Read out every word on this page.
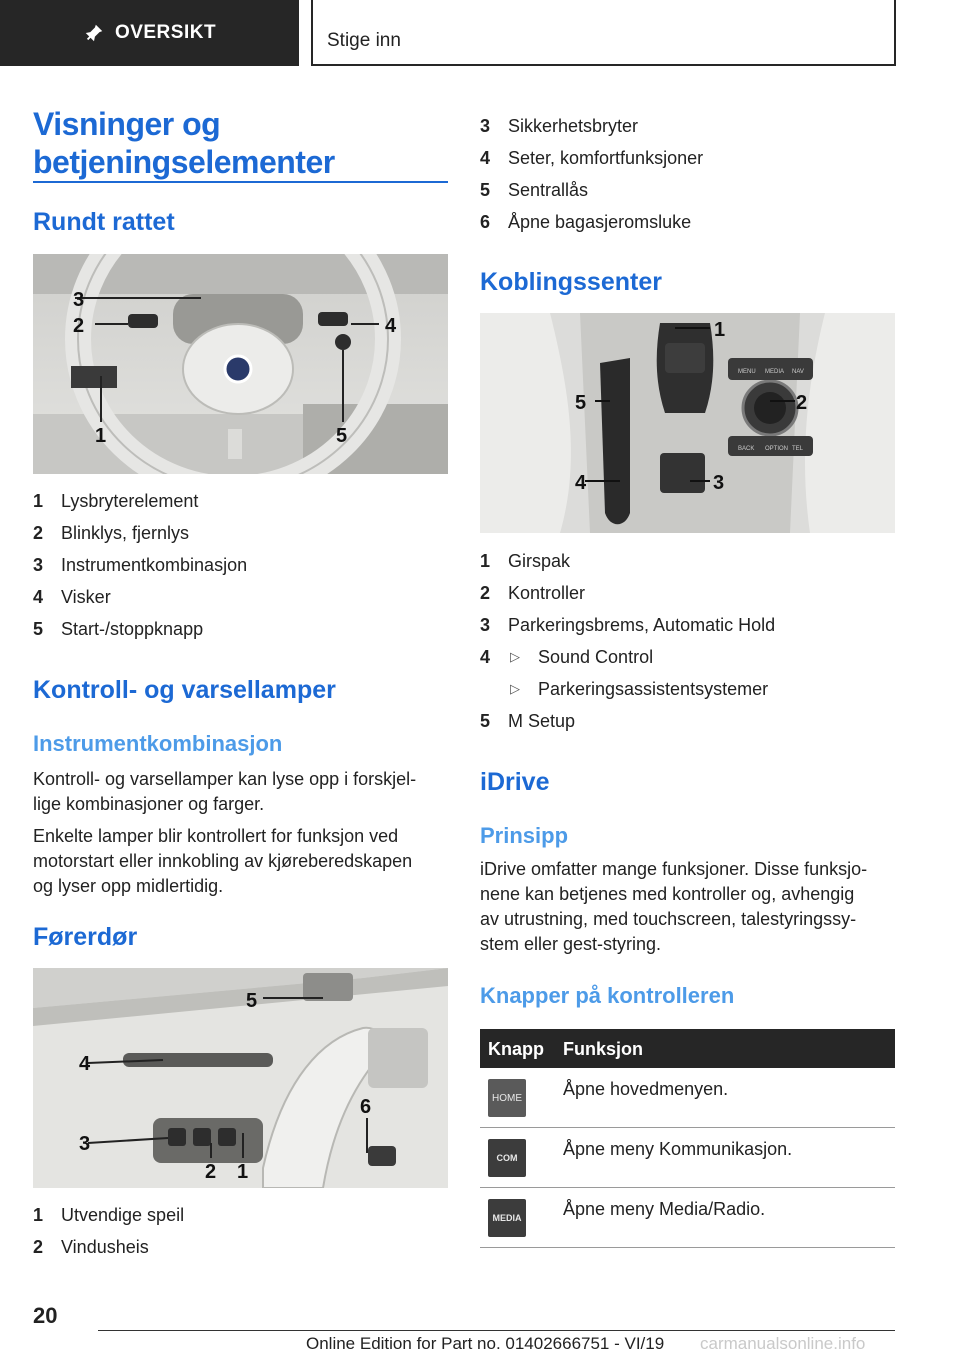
OVERSIKT	Stige inn
Visninger og
betjeningselementer
Rundt rattet
3
2	4
1	5
1 Lysbryterelement
2 Blinklys, fjernlys
3 Instrumentkombinasjon
4 Visker
5 Start-/stoppknapp
Kontroll- og varsellamper
Instrumentkombinasjon
Kontroll- og varsellamper kan lyse opp i forskjel-
lige kombinasjoner og farger.
Enkelte lamper blir kontrollert for funksjon ved
motorstart eller innkobling av kjøreberedskapen
og lyser opp midlertidig.
Førerdør
5
4
3
2 1
6
1 Utvendige speil
2 Vindusheis
3 Sikkerhetsbryter
4 Seter, komfortfunksjoner
5 Sentrallås
6 Åpne bagasjeromsluke
Koblingssenter
MENU MEDIA
BACK OPTION
NAV
TEL
1
2
3
4
5
1 Girspak
2 Kontroller
3 Parkeringsbrems, Automatic Hold
4 ▷ Sound Control
▷ Parkeringsassistentsystemer
5 M Setup
iDrive
Prinsipp
iDrive omfatter mange funksjoner. Disse funksjo-
nene kan betjenes med kontroller og, avhengig
av utrustning, med touchscreen, talestyringssy-
stem eller gest-styring.
Knapper på kontrolleren
Knapp Funksjon
HOME Åpne hovedmenyen.
COM	Åpne meny Kommunikasjon.
MEDIA Åpne meny Media/Radio.
20
Online Edition for Part no. 01402666751 - VI/19 carmanualsonline.info
